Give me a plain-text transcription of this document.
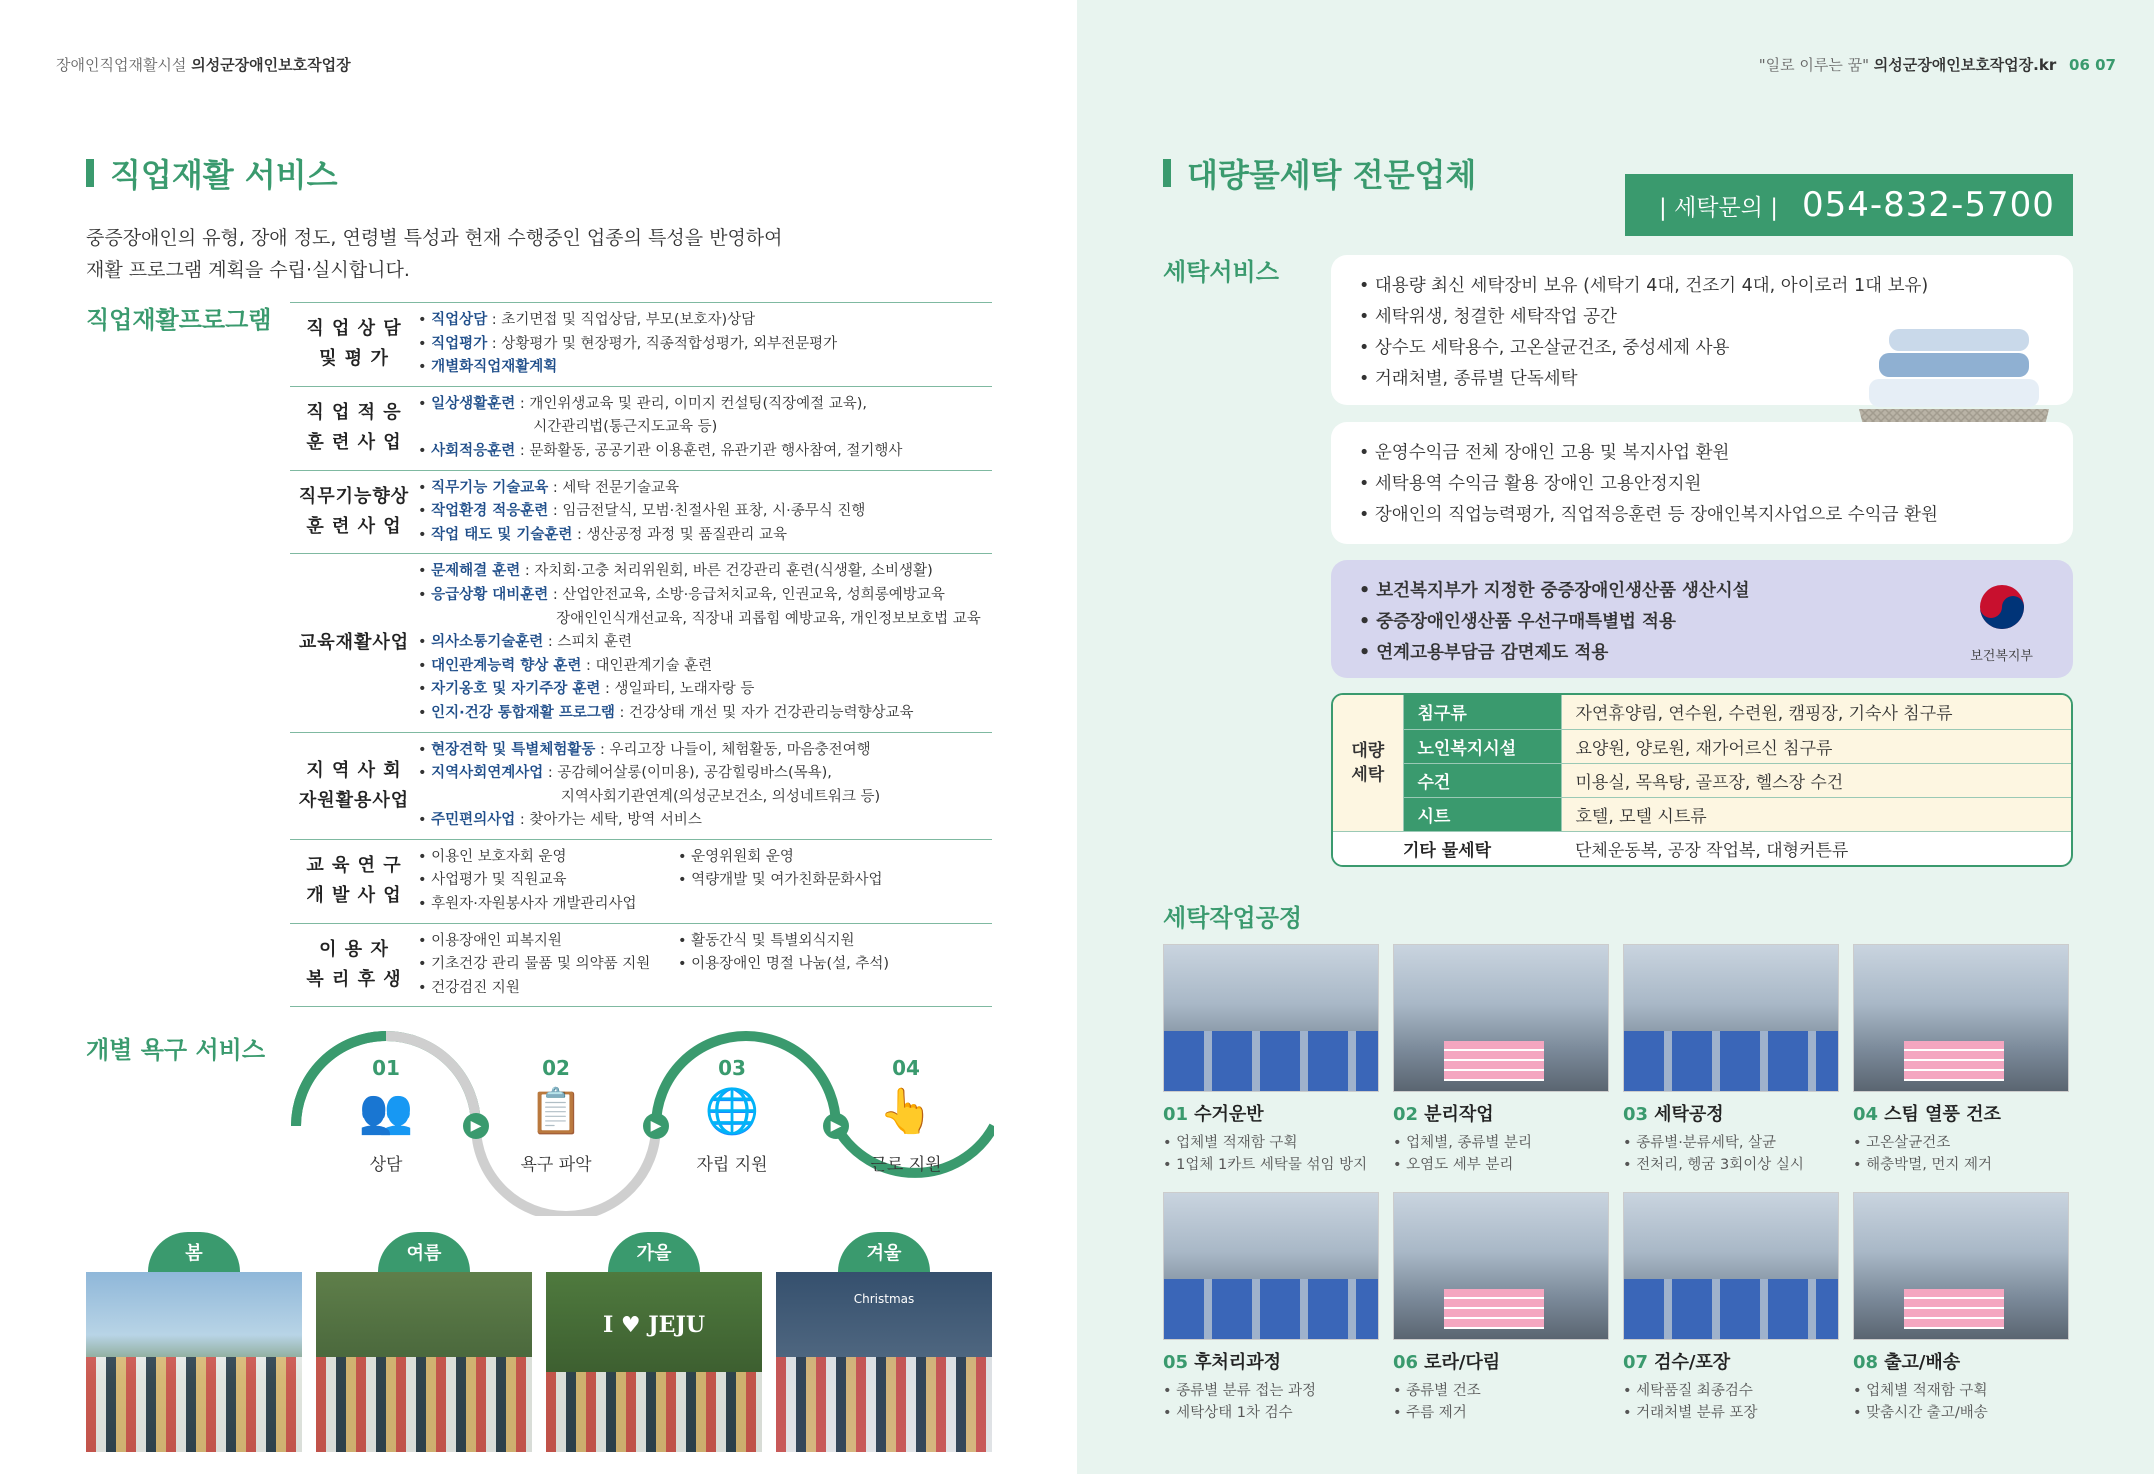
장애인직업재활시설 의성군장애인보호작업장
직업재활 서비스
중증장애인의 유형, 장애 정도, 연령별 특성과 현재 수행중인 업종의 특성을 반영하여
재활 프로그램 계획을 수립·실시합니다.
직업재활프로그램	직 업 상 담
및 평 가
• 직업상담 : 초기면접 및 직업상담, 부모(보호자)상담
• 직업평가 : 상황평가 및 현장평가, 직종적합성평가, 외부전문평가
• 개별화직업재활계획
직 업 적 응
훈 련 사 업
• 일상생활훈련 : 개인위생교육 및 관리, 이미지 컨설팅(직장예절 교육),
시간관리법(통근지도교육 등)
• 사회적응훈련 : 문화활동, 공공기관 이용훈련, 유관기관 행사참여, 절기행사
직무기능향상
훈 련 사 업
• 직무기능 기술교육 : 세탁 전문기술교육
• 작업환경 적응훈련 : 임금전달식, 모범·친절사원 표창, 시·종무식 진행
• 작업 태도 및 기술훈련 : 생산공정 과정 및 품질관리 교육
교육재활사업
• 문제해결 훈련 : 자치회·고충 처리위원회, 바른 건강관리 훈련(식생활, 소비생활)
• 응급상황 대비훈련 : 산업안전교육, 소방·응급처치교육, 인권교육, 성희롱예방교육
장애인인식개선교육, 직장내 괴롭힘 예방교육, 개인정보보호법 교육
• 의사소통기술훈련 : 스피치 훈련
• 대인관계능력 향상 훈련 : 대인관계기술 훈련
• 자기옹호 및 자기주장 훈련 : 생일파티, 노래자랑 등
• 인지·건강 통합재활 프로그램 : 건강상태 개선 및 자가 건강관리능력향상교육
지 역 사 회
자원활용사업
• 현장견학 및 특별체험활동 : 우리고장 나들이, 체험활동, 마음충전여행
• 지역사회연계사업 : 공감헤어살롱(이미용), 공감힐링바스(목욕),
지역사회기관연계(의성군보건소, 의성네트워크 등)
• 주민편의사업 : 찾아가는 세탁, 방역 서비스
교 육 연 구
개 발 사 업
• 이용인 보호자회 운영	• 운영위원회 운영
• 사업평가 및 직원교육	• 역량개발 및 여가친화문화사업
• 후원자·자원봉사자 개발관리사업
이 용 자
복 리 후 생
• 이용장애인 피복지원	• 활동간식 및 특별외식지원
• 기초건강 관리 물품 및 의약품 지원	• 이용장애인 명절 나눔(설, 추석)
• 건강검진 지원
개별 욕구 서비스
▶	▶	▶
01
👥
상담
02
📋
욕구 파악
03
🌐
자립 지원
04
👆
근로 지원
봄	여름	가을
I ♥ JEJU
겨울
Christmas
"일로 이루는 꿈" 의성군장애인보호작업장.kr 06 07
대량물세탁 전문업체
| 세탁문의 | 054-832-5700
세탁서비스	• 대용량 최신 세탁장비 보유 (세탁기 4대, 건조기 4대, 아이로러 1대 보유)
• 세탁위생, 청결한 세탁작업 공간
• 상수도 세탁용수, 고온살균건조, 중성세제 사용
• 거래처별, 종류별 단독세탁
• 운영수익금 전체 장애인 고용 및 복지사업 환원
• 세탁용역 수익금 활용 장애인 고용안정지원
• 장애인의 직업능력평가, 직업적응훈련 등 장애인복지사업으로 수익금 환원
• 보건복지부가 지정한 중증장애인생산품 생산시설
• 중증장애인생산품 우선구매특별법 적용
• 연계고용부담금 감면제도 적용	보건복지부
대량
세탁	침구류	자연휴양림, 연수원, 수련원, 캠핑장, 기숙사 침구류
	노인복지시설	요양원, 양로원, 재가어르신 침구류
	수건	미용실, 목욕탕, 골프장, 헬스장 수건
	시트	호텔, 모텔 시트류
기타 물세탁		단체운동복, 공장 작업복, 대형커튼류
세탁작업공정
01 수거운반
• 업체별 적재함 구획
• 1업체 1카트 세탁물 섞임 방지
02 분리작업
• 업체별, 종류별 분리
• 오염도 세부 분리
03 세탁공정
• 종류별·분류세탁, 살균
• 전처리, 헹굼 3회이상 실시
04 스팀 열풍 건조
• 고온살균건조
• 해충박멸, 먼지 제거
05 후처리과정
• 종류별 분류 접는 과정
• 세탁상태 1차 검수
06 로라/다림
• 종류별 건조
• 주름 제거
07 검수/포장
• 세탁품질 최종검수
• 거래처별 분류 포장
08 출고/배송
• 업체별 적재함 구획
• 맞춤시간 출고/배송
